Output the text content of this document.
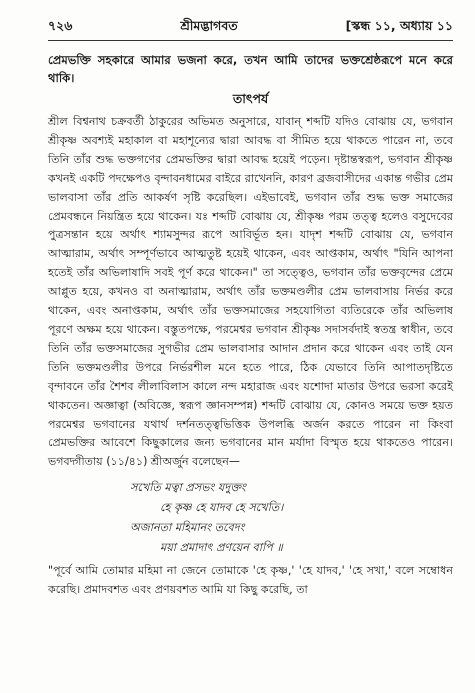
৭২৬	শ্রীমদ্ভাগবত	[স্কন্ধ ১১, অধ্যায় ১১

প্রেমভক্তি সহকারে আমার ভজনা করে, তখন আমি তাদের ভক্তশ্রেষ্ঠরূপে মনে করে থাকি।

তাৎপর্য

শ্রীল বিশ্বনাথ চক্রবর্তী ঠাকুরের অভিমত অনুসারে, যাবান্ শব্দটি যদিও বোঝায় যে, ভগবান শ্রীকৃষ্ণ অবশ্যই মহাকাল বা মহাশূন্যের দ্বারা আবদ্ধ বা সীমিত হয়ে থাকতে পারেন না, তবে তিনি তাঁর শুদ্ধ ভক্তগণের প্রেমভক্তির দ্বারা আবদ্ধ হয়েই পড়েন। দৃষ্টান্তস্বরূপ, ভগবান শ্রীকৃষ্ণ কখনই একটি পদক্ষেপও বৃন্দাবনধামের বাইরে রাখেননি, কারণ ব্রজবাসীদের একান্ত গভীর প্রেম ভালবাসা তাঁর প্রতি আকর্ষণ সৃষ্টি করেছিল। এইভাবেই, ভগবান তাঁর শুদ্ধ ভক্ত সমাজের প্রেমবন্ধনে নিয়ন্ত্রিত হয়ে থাকেন। যঃ শব্দটি বোঝায় যে, শ্রীকৃষ্ণ পরম তত্ত্ব হলেও বসুদেবের পুত্রসন্তান হয়ে অর্থাৎ শ্যামসুন্দর রূপে আবির্ভূত হন। যাদৃশ শব্দটি বোঝায় যে, ভগবান আত্মারাম, অর্থাৎ সম্পূর্ণভাবে আত্মতুষ্ট হয়েই থাকেন, এবং আপ্তকাম, অর্থাৎ "যিনি আপনা হতেই তাঁর অভিলাষাদি সবই পূর্ণ করে থাকেন।" তা সত্ত্বেও, ভগবান তাঁর ভক্তবৃন্দের প্রেমে আপ্লুত হয়ে, কখনও বা অনাত্মারাম, অর্থাৎ তাঁর ভক্তমণ্ডলীর প্রেম ভালবাসায় নির্ভর করে থাকেন, এবং অনাপ্তকাম, অর্থাৎ তাঁর ভক্তসমাজের সহযোগিতা ব্যতিরেকে তাঁর অভিলাষ পূরণে অক্ষম হয়ে থাকেন। বস্তুতপক্ষে, পরমেশ্বর ভগবান শ্রীকৃষ্ণ সদাসর্বদাই স্বতন্ত্র স্বাধীন, তবে তিনি তাঁর ভক্তসমাজের সুগভীর প্রেম ভালবাসার আদান প্রদান করে থাকেন এবং তাই যেন তিনি ভক্তমণ্ডলীর উপরে নির্ভরশীল মনে হতে পারে, ঠিক যেভাবে তিনি আপাতদৃষ্টিতে বৃন্দাবনে তাঁর শৈশব লীলাবিলাস কালে নন্দ মহারাজ এবং যশোদা মাতার উপরে ভরসা করেই থাকতেন। অজ্ঞাত্বা (অবিজ্ঞে, স্বরূপ জ্ঞানসম্পন্ন) শব্দটি বোঝায় যে, কোনও সময়ে ভক্ত হয়ত পরমেশ্বর ভগবানের যথার্থ দর্শনতত্ত্বভিত্তিক উপলব্ধি অর্জন করতে পারেন না কিংবা প্রেমভক্তির আবেশে কিছুকালের জন্য ভগবানের মান মর্যাদা বিস্মৃত হয়ে থাকতেও পারেন। ভগবদ্গীতায় (১১/৪১) শ্রীঅর্জুন বলেছেন—

সখেতি মত্বা প্রসভং যদুক্তং
হে কৃষ্ণ হে যাদব হে সখেতি।
অজানতা মহিমানং তবেদং
ময়া প্রমাদাৎ প্রণয়েন বাপি ॥

"পূর্বে আমি তোমার মহিমা না জেনে তোমাকে 'হে কৃষ্ণ,' 'হে যাদব,' 'হে সখা,' বলে সম্বোধন করেছি। প্রমাদবশত এবং প্রণয়বশত আমি যা কিছু করেছি, তা
